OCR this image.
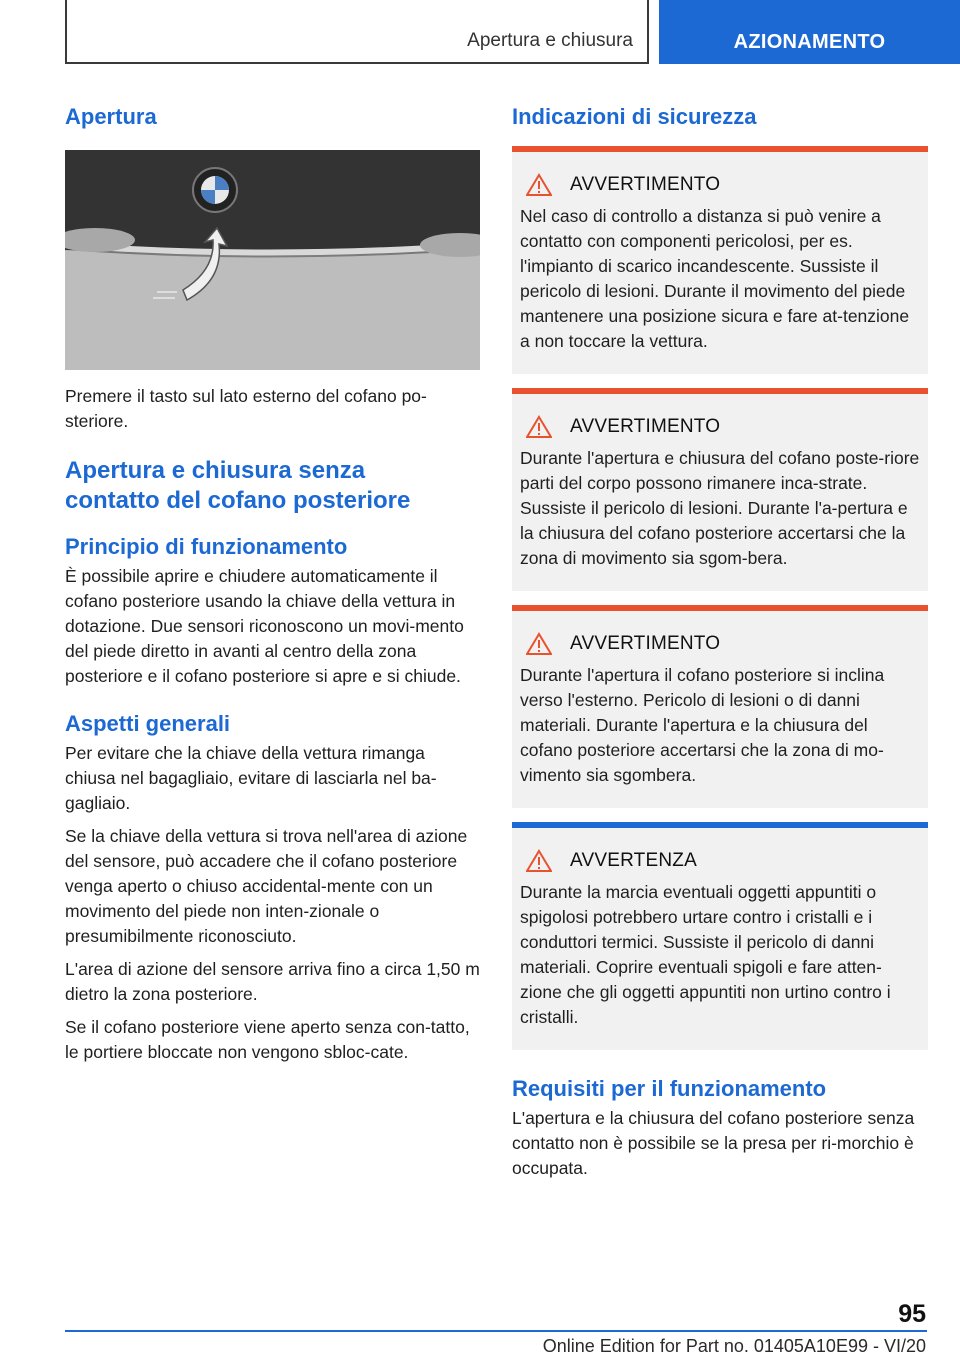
Apertura e chiusura	AZIONAMENTO
Apertura

Premere il tasto sul lato esterno del cofano po-
steriore.

Apertura e chiusura senza contatto del cofano posteriore
Principio di funzionamento

È possibile aprire e chiudere automaticamente il cofano posteriore usando la chiave della vettura in dotazione. Due sensori riconoscono un movi-mento del piede diretto in avanti al centro della zona posteriore e il cofano posteriore si apre e si chiude.

Aspetti generali

Per evitare che la chiave della vettura rimanga chiusa nel bagagliaio, evitare di lasciarla nel ba-gagliaio.

Se la chiave della vettura si trova nell'area di azione del sensore, può accadere che il cofano posteriore venga aperto o chiuso accidental-mente con un movimento del piede non inten-zionale o presumibilmente riconosciuto.

L'area di azione del sensore arriva fino a circa 1,50 m dietro la zona posteriore.

Se il cofano posteriore viene aperto senza con-tatto, le portiere bloccate non vengono sbloc-cate.

Indicazioni di sicurezza
AVVERTIMENTO

Nel caso di controllo a distanza si può venire a contatto con componenti pericolosi, per es. l'impianto di scarico incandescente. Sussiste il pericolo di lesioni. Durante il movimento del piede mantenere una posizione sicura e fare at-tenzione a non toccare la vettura.

AVVERTIMENTO

Durante l'apertura e chiusura del cofano poste-riore parti del corpo possono rimanere inca-strate. Sussiste il pericolo di lesioni. Durante l'a-pertura e la chiusura del cofano posteriore accertarsi che la zona di movimento sia sgom-bera.

AVVERTIMENTO

Durante l'apertura il cofano posteriore si inclina verso l'esterno. Pericolo di lesioni o di danni materiali. Durante l'apertura e la chiusura del cofano posteriore accertarsi che la zona di mo-vimento sia sgombera.

AVVERTENZA

Durante la marcia eventuali oggetti appuntiti o spigolosi potrebbero urtare contro i cristalli e i conduttori termici. Sussiste il pericolo di danni materiali. Coprire eventuali spigoli e fare atten-zione che gli oggetti appuntiti non urtino contro i cristalli.

Requisiti per il funzionamento

L'apertura e la chiusura del cofano posteriore senza contatto non è possibile se la presa per ri-morchio è occupata.

95
Online Edition for Part no. 01405A10E99 - VI/20
